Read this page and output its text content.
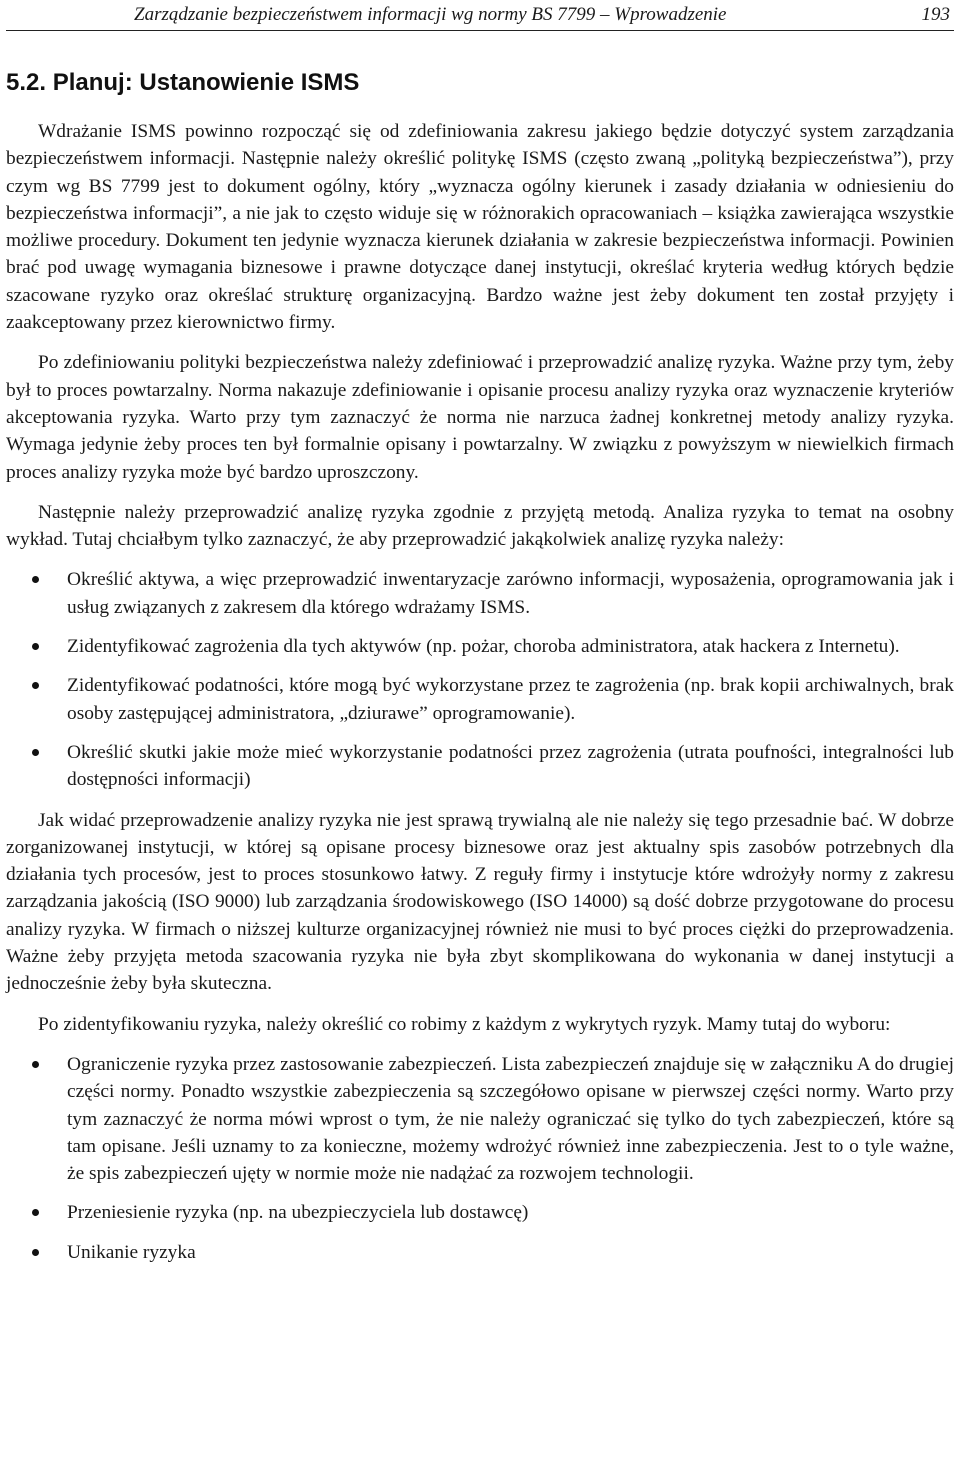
Zarządzanie bezpieczeństwem informacji wg normy BS 7799 – Wprowadzenie	193
5.2. Planuj: Ustanowienie ISMS

Wdrażanie ISMS powinno rozpocząć się od zdefiniowania zakresu jakiego będzie dotyczyć system zarządzania bezpieczeństwem informacji. Następnie należy określić politykę ISMS (często zwaną „polityką bezpieczeństwa”), przy czym wg BS 7799 jest to dokument ogólny, który „wyznacza ogólny kierunek i zasady działania w odniesieniu do bezpieczeństwa informacji”, a nie jak to często widuje się w różnorakich opracowaniach – książka zawierająca wszystkie możliwe procedury. Dokument ten jedynie wyznacza kierunek działania w zakresie bezpieczeństwa informacji. Powinien brać pod uwagę wymagania biznesowe i prawne dotyczące danej instytucji, określać kryteria według których będzie szacowane ryzyko oraz określać strukturę organizacyjną. Bardzo ważne jest żeby dokument ten został przyjęty i zaakceptowany przez kierownictwo firmy.

Po zdefiniowaniu polityki bezpieczeństwa należy zdefiniować i przeprowadzić analizę ryzyka. Ważne przy tym, żeby był to proces powtarzalny. Norma nakazuje zdefiniowanie i opisanie procesu analizy ryzyka oraz wyznaczenie kryteriów akceptowania ryzyka. Warto przy tym zaznaczyć że norma nie narzuca żadnej konkretnej metody analizy ryzyka. Wymaga jedynie żeby proces ten był formalnie opisany i powtarzalny. W związku z powyższym w niewielkich firmach proces analizy ryzyka może być bardzo uproszczony.

Następnie należy przeprowadzić analizę ryzyka zgodnie z przyjętą metodą. Analiza ryzyka to temat na osobny wykład. Tutaj chciałbym tylko zaznaczyć, że aby przeprowadzić jakąkolwiek analizę ryzyka należy:

Określić aktywa, a więc przeprowadzić inwentaryzacje zarówno informacji, wyposażenia, oprogramowania jak i usług związanych z zakresem dla którego wdrażamy ISMS.
Zidentyfikować zagrożenia dla tych aktywów (np. pożar, choroba administratora, atak hackera z Internetu).
Zidentyfikować podatności, które mogą być wykorzystane przez te zagrożenia (np. brak kopii archiwalnych, brak osoby zastępującej administratora, „dziurawe” oprogramowanie).
Określić skutki jakie może mieć wykorzystanie podatności przez zagrożenia (utrata poufności, integralności lub dostępności informacji)

Jak widać przeprowadzenie analizy ryzyka nie jest sprawą trywialną ale nie należy się tego przesadnie bać. W dobrze zorganizowanej instytucji, w której są opisane procesy biznesowe oraz jest aktualny spis zasobów potrzebnych dla działania tych procesów, jest to proces stosunkowo łatwy. Z reguły firmy i instytucje które wdrożyły normy z zakresu zarządzania jakością (ISO 9000) lub zarządzania środowiskowego (ISO 14000) są dość dobrze przygotowane do procesu analizy ryzyka. W firmach o niższej kulturze organizacyjnej również nie musi to być proces ciężki do przeprowadzenia. Ważne żeby przyjęta metoda szacowania ryzyka nie była zbyt skomplikowana do wykonania w danej instytucji a jednocześnie żeby była skuteczna.

Po zidentyfikowaniu ryzyka, należy określić co robimy z każdym z wykrytych ryzyk. Mamy tutaj do wyboru:

Ograniczenie ryzyka przez zastosowanie zabezpieczeń. Lista zabezpieczeń znajduje się w załączniku A do drugiej części normy. Ponadto wszystkie zabezpieczenia są szczegółowo opisane w pierwszej części normy. Warto przy tym zaznaczyć że norma mówi wprost o tym, że nie należy ograniczać się tylko do tych zabezpieczeń, które są tam opisane. Jeśli uznamy to za konieczne, możemy wdrożyć również inne zabezpieczenia. Jest to o tyle ważne, że spis zabezpieczeń ujęty w normie może nie nadążać za rozwojem technologii.
Przeniesienie ryzyka (np. na ubezpieczyciela lub dostawcę)
Unikanie ryzyka
